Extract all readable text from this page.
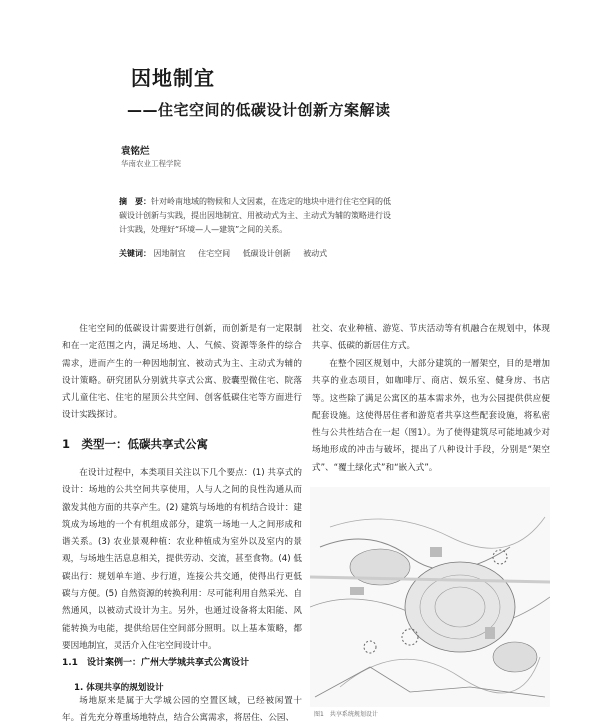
因地制宜
——住宅空间的低碳设计创新方案解读
袁铭烂
华南农业工程学院
摘　要：针对岭南地域的物候和人文因素，在选定的地块中进行住宅空间的低碳设计创新与实践，提出因地制宜、用被动式为主、主动式为辅的策略进行设计实践，处理好“环境—人—建筑”之间的关系。
关键词： 因地制宜 住宅空间 低碳设计创新 被动式

住宅空间的低碳设计需要进行创新，而创新是有一定限制和在一定范围之内，满足场地、人、气候、资源等条件的综合需求，进而产生的一种因地制宜、被动式为主、主动式为辅的设计策略。研究团队分别就共享式公寓、胶囊型微住宅、院落式儿童住宅、住宅的屋顶公共空间、创客低碳住宅等方面进行设计实践探讨。

社交、农业种植、游览、节庆活动等有机融合在规划中，体现共享、低碳的新居住方式。

在整个园区规划中，大部分建筑的一層架空，目的是增加共享的业态项目，如咖啡厅、商店、娱乐室、健身房、书店等。这些除了满足公寓区的基本需求外，也为公园提供供应便配套设施。这使得居住者和游览者共享这些配套设施，将私密性与公共性结合在一起（图1）。为了使得建筑尽可能地减少对场地形成的冲击与破坏，提出了八种设计手段，分别是“架空式”、“覆土绿化式”和“嵌入式”。

1　类型一：低碳共享式公寓

在设计过程中，本类项目关注以下几个要点：(1) 共享式的设计：场地的公共空间共享使用，人与人之间的良性沟通从而激发其他方面的共享产生。(2) 建筑与场地的有机结合设计：建筑成为场地的一个有机组成部分，建筑一场地一人之间形成和谐关系。(3) 农业景观种植：农业种植成为室外以及室内的景观，与场地生活息息相关，提供劳动、交流，甚至食物。(4) 低碳出行：规划单车道、步行道，连接公共交通，使得出行更低碳与方便。(5) 自然资源的转换利用：尽可能利用自然采光、自然通风，以被动式设计为主。另外，也通过设备将太阳能、风能转换为电能，提供给居住空间部分照明。以上基本策略，都要因地制宜，灵活介入住宅空间设计中。

1.1　设计案例一：广州大学城共享式公寓设计
1. 体现共享的规划设计

场地原来是属于大学城公园的空置区域，已经被闲置十年。首先充分尊重场地特点，结合公寓需求，将居住、公园、	图1　共享系统规划设计
